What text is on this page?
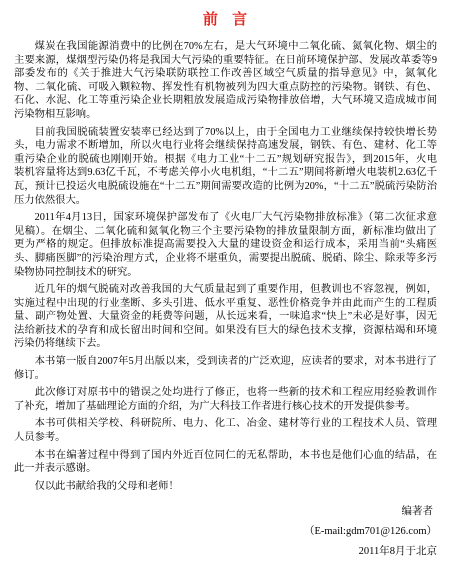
前 言
煤炭在我国能源消费中的比例在70%左右，是大气环境中二氧化硫、氮氧化物、烟尘的
主要来源，煤烟型污染仍将是我国大气污染的重要特征。在日前环境保护部、发展改革委等9
部委发布的《关于推进大气污染联防联控工作改善区域空气质量的指导意见》中，氮氧化
物、二氧化硫、可吸入颗粒物、挥发性有机物被列为四大重点防控的污染物。钢铁、有色、
石化、水泥、化工等重污染企业长期粗放发展造成污染物排放倍增，大气环境又造成城市间
污染物相互影响。
目前我国脱硫装置安装率已经达到了70%以上，由于全国电力工业继续保持较快增长势
头，电力需求不断增加，所以火电行业将会继续保持高速发展，钢铁、有色、建材、化工等
重污染企业的脱硫也刚刚开始。根据《电力工业“十二五”规划研究报告》，到2015年，火电
装机容量将达到9.63亿千瓦，不考虑关停小火电机组，“十二五”期间将新增火电装机2.63亿千
瓦，预计已投运火电脱硫设施在“十二五”期间需要改造的比例为20%，“十二五”脱硫污染防治
压力依然很大。
2011年4月13日，国家环境保护部发布了《火电厂大气污染物排放标准》（第二次征求意
见稿）。在烟尘、二氧化硫和氮氧化物三个主要污染物的排放量限制方面，新标准均做出了
更为严格的规定。但排放标准提高需要投入大量的建设资金和运行成本，采用当前“头痛医
头、脚痛医脚”的污染治理方式，企业将不堪重负，需要提出脱硫、脱硝、除尘、除汞等多污
染物协同控制技术的研究。
近几年的烟气脱硫对改善我国的大气质量起到了重要作用，但教训也不容忽视，例如，
实施过程中出现的行业垄断、多头引进、低水平重复、恶性价格竞争并由此而产生的工程质
量、副产物处置、大量资金的耗费等问题，从长远来看，一味追求“快上”未必是好事，因无
法给新技术的孕育和成长留出时间和空间。如果没有巨大的绿色技术支撑，资源枯竭和环境
污染仍将继续下去。
本书第一版自2007年5月出版以来，受到读者的广泛欢迎，应读者的要求，对本书进行了
修订。
此次修订对原书中的错误之处均进行了修正，也将一些新的技术和工程应用经验教训作
了补充，增加了基础理论方面的介绍，为广大科技工作者进行核心技术的开发提供参考。
本书可供相关学校、科研院所、电力、化工、冶金、建材等行业的工程技术人员、管理
人员参考。
本书在编著过程中得到了国内外近百位同仁的无私帮助，本书也是他们心血的结晶，在
此一并表示感谢。
仅以此书献给我的父母和老师！
编著者
（E-mail:gdm701@126.com）
2011年8月于北京
